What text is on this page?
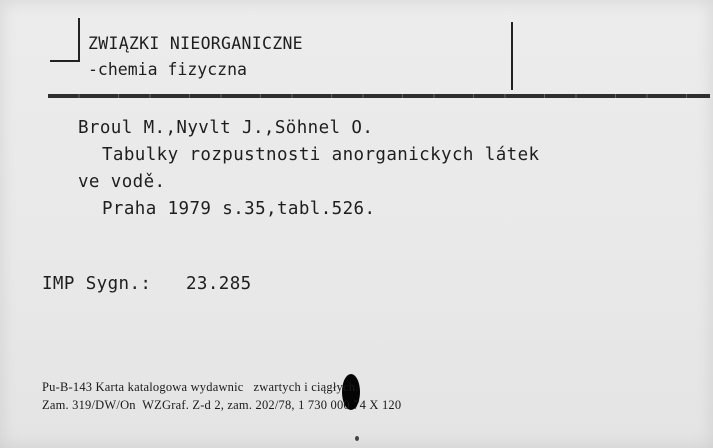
ZWIĄZKI NIEORGANICZNE

-chemia fizyczna

Broul M.,Nyvlt J.,Söhnel O.

Tabulky rozpustnosti anorganickych látek

ve vodě.

Praha 1979 s.35,tabl.526.

IMP Sygn.: 23.285

Pu-B-143 Karta katalogowa wydawnic   zwartych i ciągłych.

Zam. 319/DW/On  WZGraf. Z-d 2, zam. 202/78, 1 730 000 74 X 120
